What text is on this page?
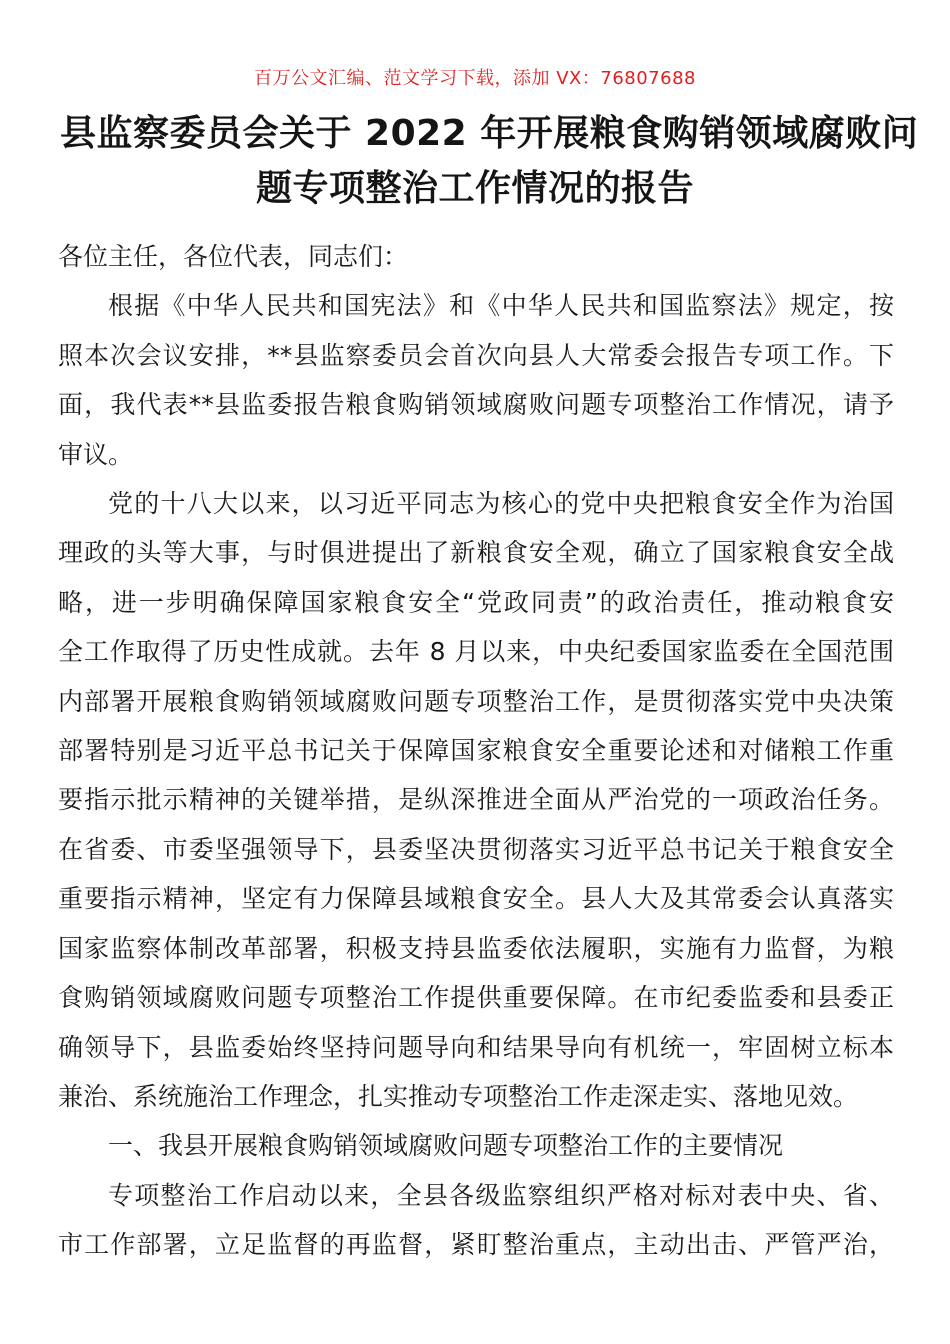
百万公文汇编、范文学习下载，添加 VX：76807688
县监察委员会关于 2022 年开展粮食购销领域腐败问
题专项整治工作情况的报告

各位主任，各位代表，同志们：

根据《中华人民共和国宪法》和《中华人民共和国监察法》规定，按
照本次会议安排，**县监察委员会首次向县人大常委会报告专项工作。下
面，我代表**县监委报告粮食购销领域腐败问题专项整治工作情况，请予
审议。

党的十八大以来，以习近平同志为核心的党中央把粮食安全作为治国
理政的头等大事，与时俱进提出了新粮食安全观，确立了国家粮食安全战
略，进一步明确保障国家粮食安全“党政同责”的政治责任，推动粮食安
全工作取得了历史性成就。去年 8 月以来，中央纪委国家监委在全国范围
内部署开展粮食购销领域腐败问题专项整治工作，是贯彻落实党中央决策
部署特别是习近平总书记关于保障国家粮食安全重要论述和对储粮工作重
要指示批示精神的关键举措，是纵深推进全面从严治党的一项政治任务。
在省委、市委坚强领导下，县委坚决贯彻落实习近平总书记关于粮食安全
重要指示精神，坚定有力保障县域粮食安全。县人大及其常委会认真落实
国家监察体制改革部署，积极支持县监委依法履职，实施有力监督，为粮
食购销领域腐败问题专项整治工作提供重要保障。在市纪委监委和县委正
确领导下，县监委始终坚持问题导向和结果导向有机统一，牢固树立标本
兼治、系统施治工作理念，扎实推动专项整治工作走深走实、落地见效。

一、我县开展粮食购销领域腐败问题专项整治工作的主要情况

专项整治工作启动以来，全县各级监察组织严格对标对表中央、省、
市工作部署，立足监督的再监督，紧盯整治重点，主动出击、严管严治，
